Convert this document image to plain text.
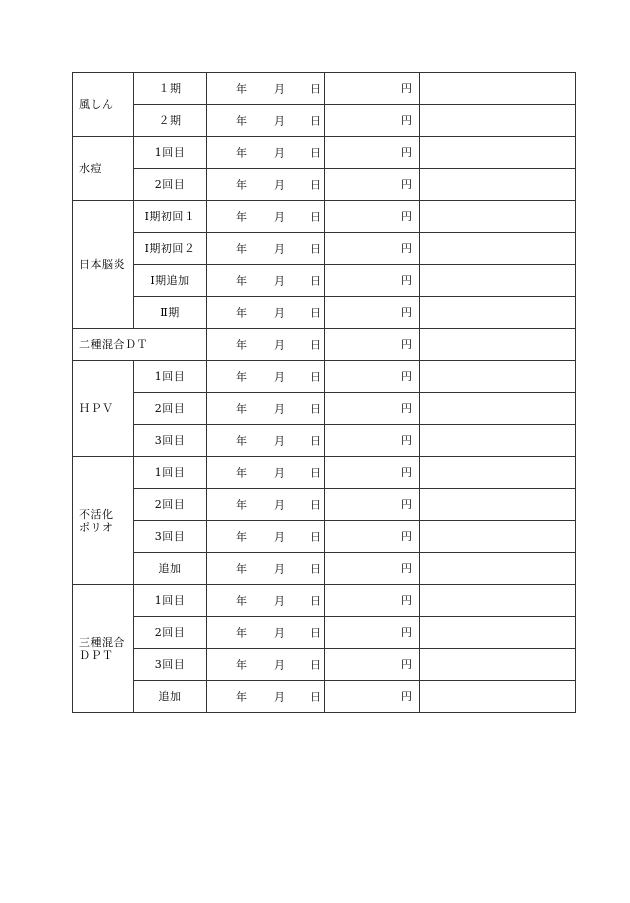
風しん	１期	年 月 日	円	
	２期	年 月 日	円	

水痘	1回目	年 月 日	円	
	2回目	年 月 日	円	

日本脳炎	Ⅰ期初回１	年 月 日	円	
	Ⅰ期初回２	年 月 日	円	
	Ⅰ期追加	年 月 日	円	
	Ⅱ期	年 月 日	円	

二種混合ＤＴ		年 月 日	円	

ＨＰＶ	1回目	年 月 日	円	
	2回目	年 月 日	円	
	3回目	年 月 日	円	

不活化
ポリオ	1回目	年 月 日	円	
	2回目	年 月 日	円	
	3回目	年 月 日	円	
	追加	年 月 日	円	

三種混合
ＤＰＴ	1回目	年 月 日	円	
	2回目	年 月 日	円	
	3回目	年 月 日	円	
	追加	年 月 日	円	
